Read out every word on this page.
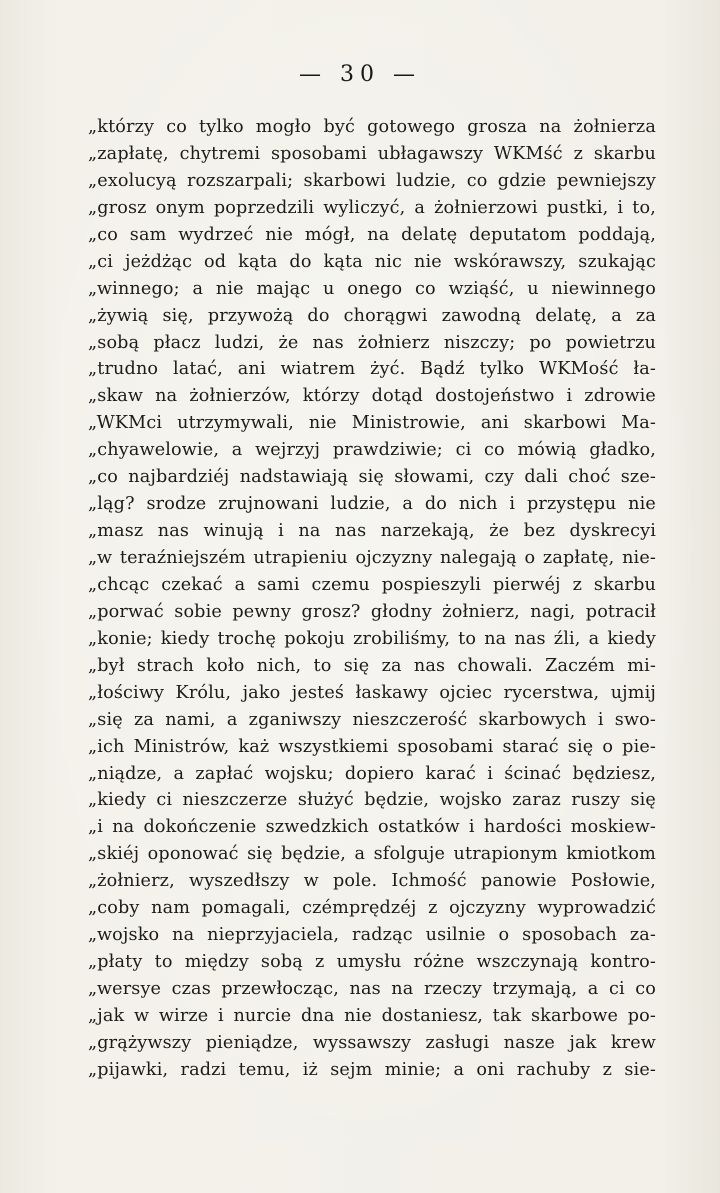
— 30 —
„którzy co tylko mogło być gotowego grosza na żołnierza
„zapłatę, chytremi sposobami ubłagawszy WKMść z skarbu
„exolucyą rozszarpali; skarbowi ludzie, co gdzie pewniejszy
„grosz onym poprzedzili wyliczyć, a żołnierzowi pustki, i to,
„co sam wydrzeć nie mógł, na delatę deputatom poddają,
„ci jeżdżąc od kąta do kąta nic nie wskórawszy, szukając
„winnego; a nie mając u onego co wziąść, u niewinnego
„żywią się, przywożą do chorągwi zawodną delatę, a za
„sobą płacz ludzi, że nas żołnierz niszczy; po powietrzu
„trudno latać, ani wiatrem żyć. Bądź tylko WKMość ła-
„skaw na żołnierzów, którzy dotąd dostojeństwo i zdrowie
„WKMci utrzymywali, nie Ministrowie, ani skarbowi Ma-
„chyawelowie, a wejrzyj prawdziwie; ci co mówią gładko,
„co najbardziéj nadstawiają się słowami, czy dali choć sze-
„ląg? srodze zrujnowani ludzie, a do nich i przystępu nie
„masz nas winują i na nas narzekają, że bez dyskrecyi
„w teraźniejszém utrapieniu ojczyzny nalegają o zapłatę, nie-
„chcąc czekać a sami czemu pospieszyli pierwéj z skarbu
„porwać sobie pewny grosz? głodny żołnierz, nagi, potracił
„konie; kiedy trochę pokoju zrobiliśmy, to na nas źli, a kiedy
„był strach koło nich, to się za nas chowali. Zaczém mi-
„łościwy Królu, jako jesteś łaskawy ojciec rycerstwa, ujmij
„się za nami, a zganiwszy nieszczerość skarbowych i swo-
„ich Ministrów, każ wszystkiemi sposobami starać się o pie-
„niądze, a zapłać wojsku; dopiero karać i ścinać będziesz,
„kiedy ci nieszczerze służyć będzie, wojsko zaraz ruszy się
„i na dokończenie szwedzkich ostatków i hardości moskiew-
„skiéj oponować się będzie, a sfolguje utrapionym kmiotkom
„żołnierz, wyszedłszy w pole. Ichmość panowie Posłowie,
„coby nam pomagali, czémprędzéj z ojczyzny wyprowadzić
„wojsko na nieprzyjaciela, radząc usilnie o sposobach za-
„płaty to między sobą z umysłu różne wszczynają kontro-
„wersye czas przewłocząc, nas na rzeczy trzymają, a ci co
„jak w wirze i nurcie dna nie dostaniesz, tak skarbowe po-
„grążywszy pieniądze, wyssawszy zasługi nasze jak krew
„pijawki, radzi temu, iż sejm minie; a oni rachuby z sie-
